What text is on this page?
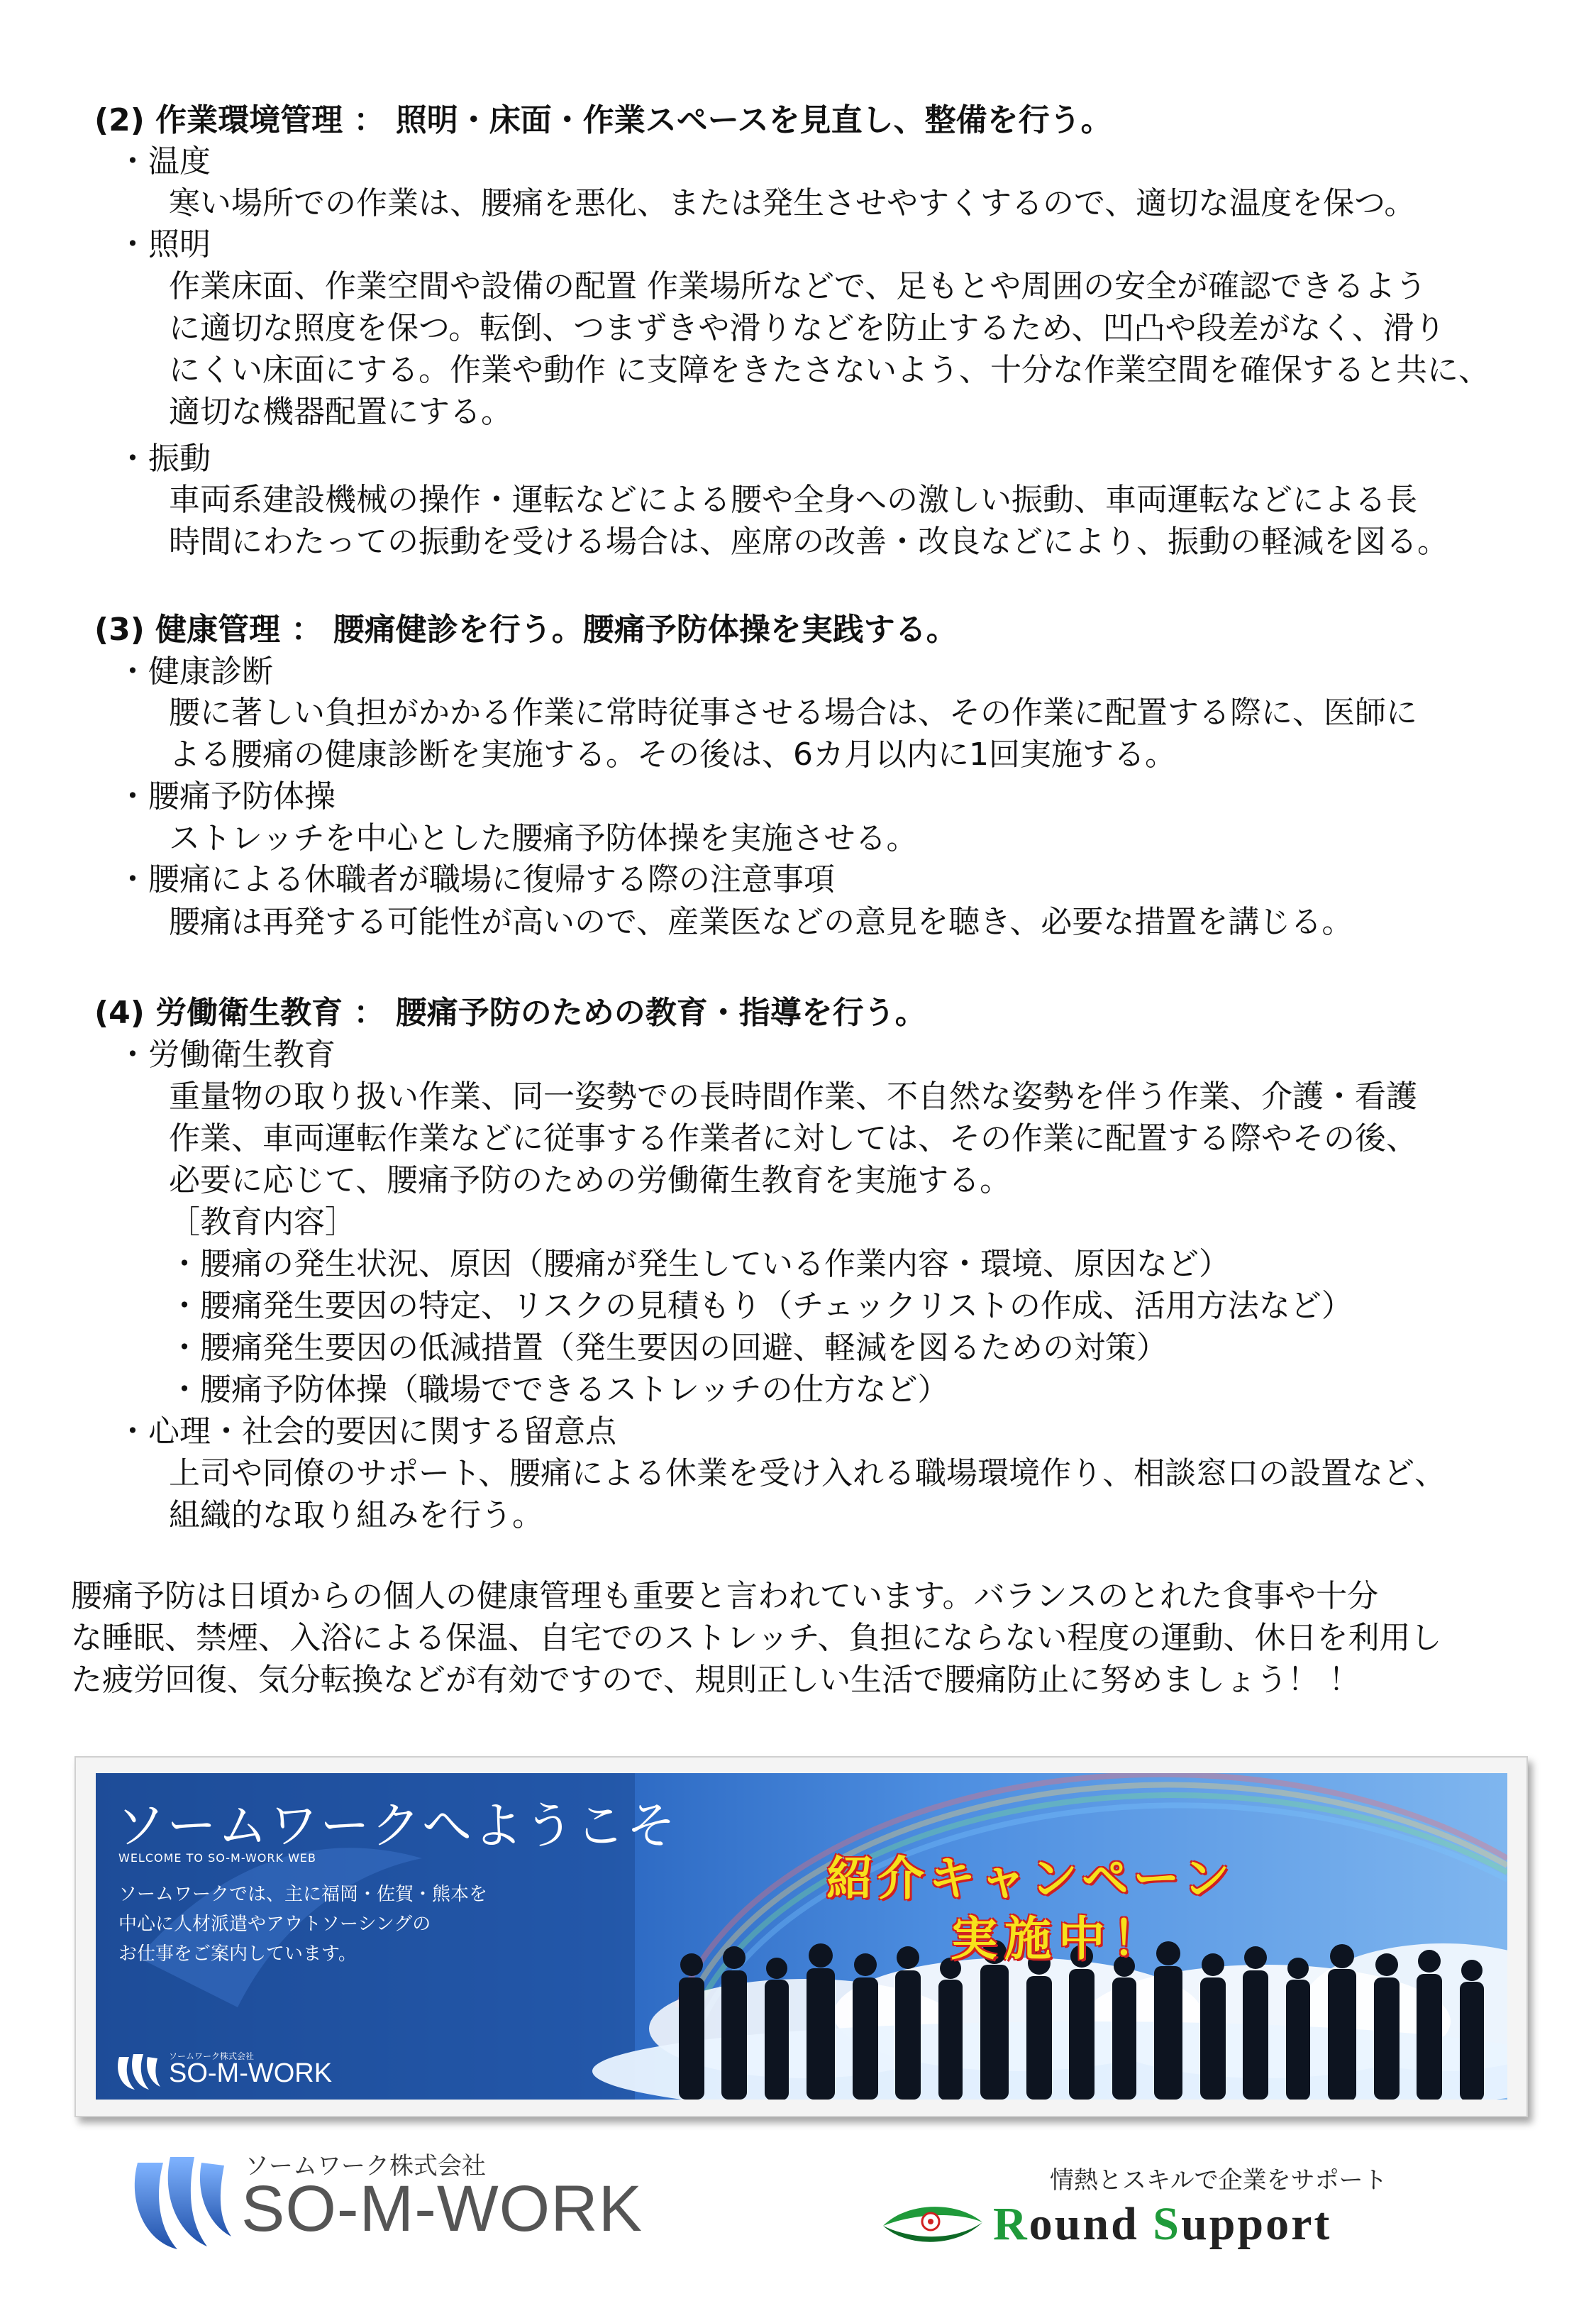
(2) 作業環境管理 ： 照明・床面・作業スペースを見直し、整備を行う。
・温度
寒い場所での作業は、腰痛を悪化、または発生させやすくするので、適切な温度を保つ。
・照明
作業床面、作業空間や設備の配置 作業場所などで、足もとや周囲の安全が確認できるよう
に適切な照度を保つ。転倒、つまずきや滑りなどを防止するため、凹凸や段差がなく、滑り
にくい床面にする。作業や動作 に支障をきたさないよう、十分な作業空間を確保すると共に、
適切な機器配置にする。
・振動
車両系建設機械の操作・運転などによる腰や全身への激しい振動、車両運転などによる長
時間にわたっての振動を受ける場合は、座席の改善・改良などにより、振動の軽減を図る。
(3) 健康管理 ： 腰痛健診を行う。腰痛予防体操を実践する。
・健康診断
腰に著しい負担がかかる作業に常時従事させる場合は、その作業に配置する際に、医師に
よる腰痛の健康診断を実施する。その後は、6カ月以内に1回実施する。
・腰痛予防体操
ストレッチを中心とした腰痛予防体操を実施させる。
・腰痛による休職者が職場に復帰する際の注意事項
腰痛は再発する可能性が高いので、産業医などの意見を聴き、必要な措置を講じる。
(4) 労働衛生教育 ： 腰痛予防のための教育・指導を行う。
・労働衛生教育
重量物の取り扱い作業、同一姿勢での長時間作業、不自然な姿勢を伴う作業、介護・看護
作業、車両運転作業などに従事する作業者に対しては、その作業に配置する際やその後、
必要に応じて、腰痛予防のための労働衛生教育を実施する。
［教育内容］
・腰痛の発生状況、原因（腰痛が発生している作業内容・環境、原因など）
・腰痛発生要因の特定、リスクの見積もり（チェックリストの作成、活用方法など）
・腰痛発生要因の低減措置（発生要因の回避、軽減を図るための対策）
・腰痛予防体操（職場でできるストレッチの仕方など）
・心理・社会的要因に関する留意点
上司や同僚のサポート、腰痛による休業を受け入れる職場環境作り、相談窓口の設置など、
組織的な取り組みを行う。
腰痛予防は日頃からの個人の健康管理も重要と言われています。バランスのとれた食事や十分
な睡眠、禁煙、入浴による保温、自宅でのストレッチ、負担にならない程度の運動、休日を利用し
た疲労回復、気分転換などが有効ですので、規則正しい生活で腰痛防止に努めましょう！ ！
ソームワークへようこそ
WELCOME TO SO-M-WORK WEB
ソームワークでは、主に福岡・佐賀・熊本を
中心に人材派遣やアウトソーシングの
お仕事をご案内しています。
紹介キャンペーン
実施中！
ソームワーク株式会社
SO-M-WORK
ソームワーク株式会社
SO-M-WORK	情熱とスキルで企業をサポート
Round Support
